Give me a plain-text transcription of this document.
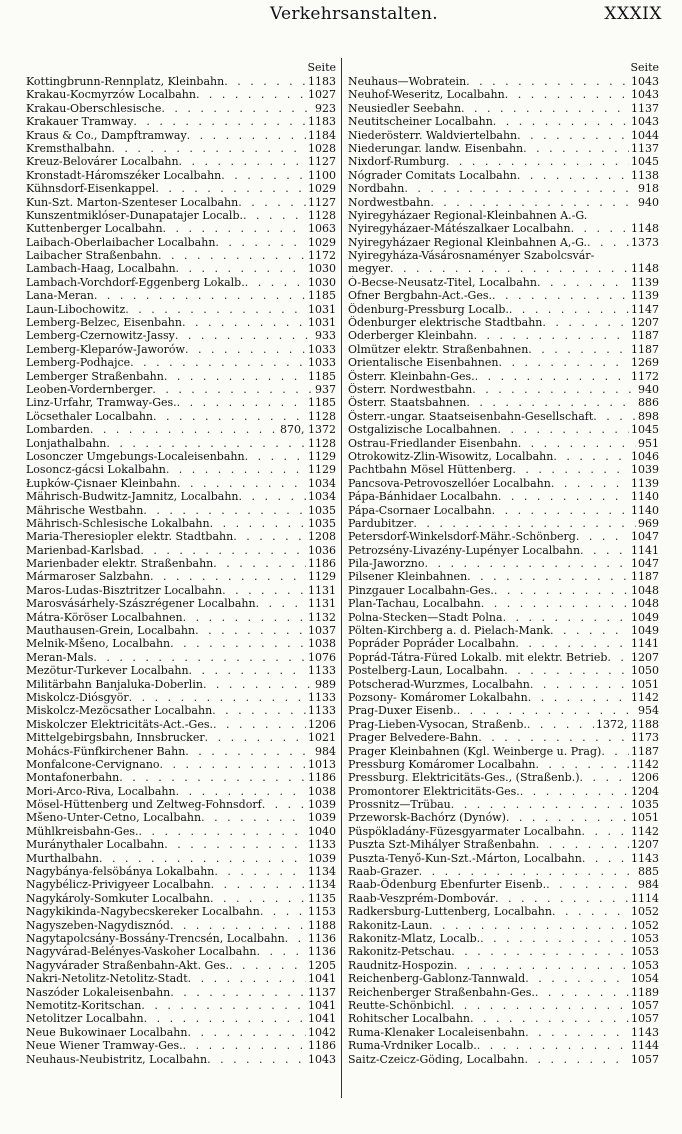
Verkehrsanstalten.	XXXIX
Seite
Kottingbrunn-Rennplatz, Kleinbahn . . .	1183
Krakau-Kocmyrzów Localbahn . . .	1027
Krakau-Oberschlesische . . .	923
Krakauer Tramway . . .	1183
Kraus & Co., Dampftramway . . .	1184
Kremsthalbahn . . .	1028
Kreuz-Belovárer Localbahn . . .	1127
Kronstadt-Háromszéker Localbahn . . .	1100
Kühnsdorf-Eisenkappel . . .	1029
Kun-Szt. Marton-Szenteser Localbahn . . .	1127
Kunszentmiklóser-Dunapatajer Localb. . . .	1128
Kuttenberger Localbahn . . .	1063
Laibach-Oberlaibacher Localbahn . . .	1029
Laibacher Straßenbahn . . .	1172
Lambach-Haag, Localbahn . . .	1030
Lambach-Vorchdorf-Eggenberg Lokalb. . . .	1030
Lana-Meran . . .	1185
Laun-Libochowitz . . .	1031
Lemberg-Belzec, Eisenbahn . . .	1031
Lemberg-Czernowitz-Jassy . . .	933
Lemberg-Kleparów-Jaworów . . .	1033
Lemberg-Podhajce . . .	1033
Lemberger Straßenbahn . . .	1185
Leoben-Vordernberger . . .	937
Linz-Urfahr, Tramway-Ges. . . .	1185
Löcsethaler Localbahn . . .	1128
Lombarden . . .	870, 1372
Lonjathalbahn . . .	1128
Losonczer Umgebungs-Localeisenbahn . . .	1129
Losoncz-gácsi Lokalbahn . . .	1129
Łupków-Çisnaer Kleinbahn . . .	1034
Mährisch-Budwitz-Jamnitz, Localbahn . . .	1034
Mährische Westbahn . . .	1035
Mährisch-Schlesische Lokalbahn . . .	1035
Maria-Theresiopler elektr. Stadtbahn . . .	1208
Marienbad-Karlsbad . . .	1036
Marienbader elektr. Straßenbahn . . .	1186
Mármaroser Salzbahn . . .	1129
Maros-Ludas-Bisztritzer Localbahn . . .	1131
Marosvásárhely-Szászrégener Localbahn . . .	1131
Mátra-Köröser Localbahnen . . .	1132
Mauthausen-Grein, Localbahn . . .	1037
Melnik-Mšeno, Localbahn . . .	1038
Meran-Mals . . .	1076
Mezötur-Turkever Localbahn . . .	1133
Militärbahn Banjaluka-Doberlin . . .	989
Miskolcz-Diósgyör . . .	1133
Miskolcz-Mezöcsather Localbahn . . .	1133
Miskolczer Elektricitäts-Act.-Ges. . . .	1206
Mittelgebirgsbahn, Innsbrucker . . .	1021
Mohács-Fünfkirchener Bahn . . .	984
Monfalcone-Cervignano . . .	1013
Montafonerbahn . . .	1186
Mori-Arco-Riva, Localbahn . . .	1038
Mösel-Hüttenberg und Zeltweg-Fohnsdorf . . .	1039
Mšeno-Unter-Cetno, Localbahn . . .	1039
Mühlkreisbahn-Ges. . . .	1040
Muránythaler Localbahn . . .	1133
Murthalbahn . . .	1039
Nagybánya-felsöbánya Lokalbahn . . .	1134
Nagybélicz-Privigyeer Localbahn . . .	1134
Nagykároly-Somkuter Localbahn . . .	1135
Nagykikinda-Nagybecskereker Localbahn . . .	1153
Nagyszeben-Nagydisznód . . .	1188
Nagytapolcsány-Bossány-Trencsén, Localbahn . . . 1136
Nagyvárad-Belényes-Vaskoher Localbahn . . .	1136
Nagyvárader Straßenbahn-Akt. Ges. . . .	1205
Nakri-Netolitz-Netolitz-Stadt . . .	1041
Naszóder Lokaleisenbahn . . .	1137
Nemotitz-Koritschan . . .	1041
Netolitzer Localbahn . . .	1041
Neue Bukowinaer Localbahn . . .	1042
Neue Wiener Tramway-Ges. . . .	1186
Neuhaus-Neubistritz, Localbahn . . .	1043
Seite
Neuhaus—Wobratein . . .	1043
Neuhof-Weseritz, Localbahn . . .	1043
Neusiedler Seebahn . . .	1137
Neutitscheiner Localbahn . . .	1043
Niederösterr. Waldviertelbahn . . .	1044
Niederungar. landw. Eisenbahn . . .	1137
Nixdorf-Rumburg . . .	1045
Nógrader Comitats Localbahn . . .	1138
Nordbahn . . .	918
Nordwestbahn . . .	940
Nyiregyházaer Regional-Kleinbahnen A.-G.
Nyiregyházaer-Mátészalkaer Localbahn . . .	1148
Nyiregyházaer Regional Kleinbahnen A,-G. . . .	1373
Nyiregyháza-Vásárosnaményer Szabolcsvár-
megyer . . .	1148
Ó-Becse-Neusatz-Titel, Localbahn . . .	1139
Ofner Bergbahn-Act.-Ges. . . .	1139
Ödenburg-Pressburg Localb. . . .	1147
Ödenburger elektrische Stadtbahn . . .	1207
Oderberger Kleinbahn . . .	1187
Olmützer elektr. Straßenbahnen . . .	1187
Orientalische Eisenbahnen . . .	1269
Österr. Kleinbahn-Ges. . . .	1172
Österr. Nordwestbahn . . .	940
Österr. Staatsbahnen . . .	886
Österr.-ungar. Staatseisenbahn-Gesellschaft . . .	898
Ostgalizische Localbahnen . . .	1045
Ostrau-Friedlander Eisenbahn . . .	951
Otrokowitz-Zlin-Wisowitz, Localbahn . . .	1046
Pachtbahn Mösel Hüttenberg . . .	1039
Pancsova-Petrovoszellóer Localbahn . . .	1139
Pápa-Bánhidaer Localbahn . . .	1140
Pápa-Csornaer Localbahn . . .	1140
Pardubitzer . . .	969
Petersdorf-Winkelsdorf-Mähr.-Schönberg . . .	1047
Petrozsény-Livazény-Lupényer Localbahn . . .	1141
Pila-Jaworzno . . .	1047
Pilsener Kleinbahnen . . .	1187
Pinzgauer Localbahn-Ges. . . .	1048
Plan-Tachau, Localbahn . . .	1048
Polna-Stecken—Stadt Polna . . .	1049
Pölten-Kirchberg a. d. Pielach-Mank . . .	1049
Popráder Popráder Localbahn . . .	1141
Poprád-Tátra-Füred Lokalb. mit elektr. Betrieb . . . 1207
Postelberg-Laun, Localbahn . . .	1050
Potscherad-Wurzmes, Localbahn . . .	1051
Pozsony- Komáromer Lokalbahn . . .	1142
Prag-Duxer Eisenb. . . .	954
Prag-Lieben-Vysocan, Straßenb. . . .	1372, 1188
Prager Belvedere-Bahn . . .	1173
Prager Kleinbahnen (Kgl. Weinberge u. Prag) . . .	1187
Pressburg Komáromer Localbahn . . .	1142
Pressburg. Elektricitäts-Ges., (Straßenb.) . . .	1206
Promontorer Elektricitäts-Ges. . . .	1204
Prossnitz—Trübau . . .	1035
Przeworsk-Bachórz (Dynów) . . .	1051
Püspökladány-Füzesgyarmater Localbahn . . .	1142
Puszta Szt-Mihályer Straßenbahn . . .	1207
Puszta-Tenyő-Kun-Szt.-Márton, Localbahn . . .	1143
Raab-Grazer . . .	885
Raab-Ödenburg Ebenfurter Eisenb. . . .	984
Raab-Veszprém-Dombovár . . .	1114
Radkersburg-Luttenberg, Localbahn . . .	1052
Rakonitz-Laun . . .	1052
Rakonitz-Mlatz, Localb. . . .	1053
Rakonitz-Petschau . . .	1053
Raudnitz-Hospozin . . .	1053
Reichenberg-Gablonz-Tannwald . . .	1054
Reichenberger Straßenbahn-Ges. . . .	1189
Reutte-Schönbichl . . .	1057
Rohitscher Localbahn . . .	1057
Ruma-Klenaker Localeisenbahn . . .	1143
Ruma-Vrdniker Localb. . . .	1144
Saitz-Czeicz-Göding, Localbahn . . .	1057
